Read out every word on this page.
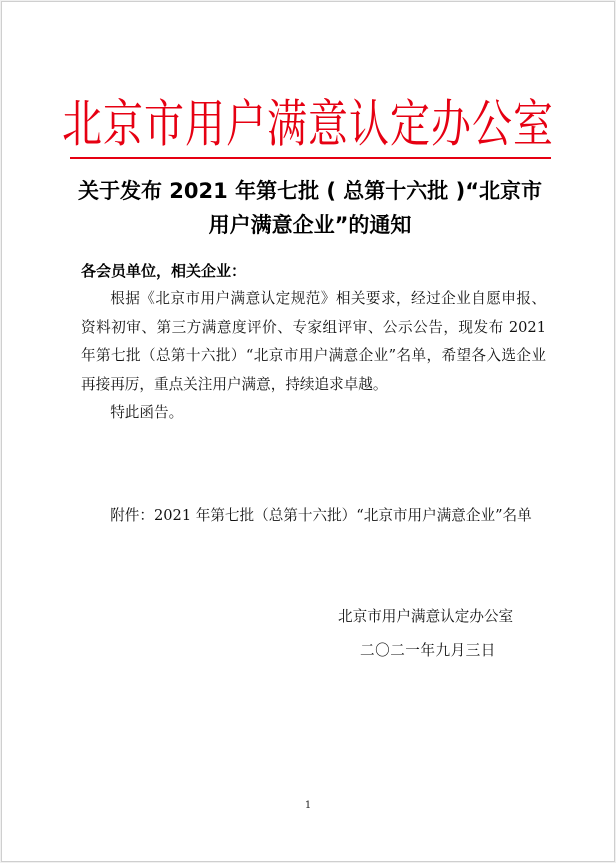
北京市用户满意认定办公室
关于发布 2021 年第七批 ( 总第十六批 )“北京市
用户满意企业”的通知
各会员单位，相关企业：

根据《北京市用户满意认定规范》相关要求，经过企业自愿申报、资料初审、第三方满意度评价、专家组评审、公示公告，现发布 2021 年第七批（总第十六批）“北京市用户满意企业”名单，希望各入选企业再接再厉，重点关注用户满意，持续追求卓越。

特此函告。

附件：2021 年第七批（总第十六批）“北京市用户满意企业”名单
北京市用户满意认定办公室
二〇二一年九月三日
1
